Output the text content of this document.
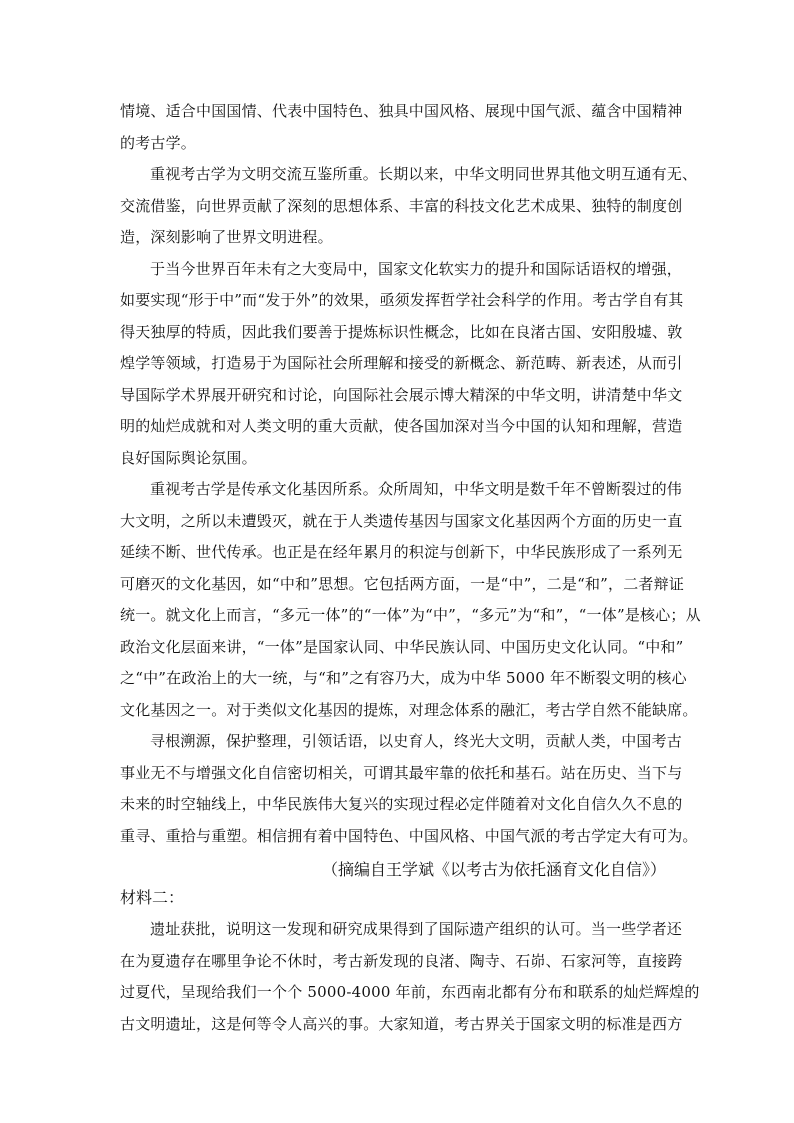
情境、适合中国国情、代表中国特色、独具中国风格、展现中国气派、蕴含中国精神

的考古学。

重视考古学为文明交流互鉴所重。长期以来，中华文明同世界其他文明互通有无、

交流借鉴，向世界贡献了深刻的思想体系、丰富的科技文化艺术成果、独特的制度创

造，深刻影响了世界文明进程。

于当今世界百年未有之大变局中，国家文化软实力的提升和国际话语权的增强，

如要实现“形于中”而“发于外”的效果，亟须发挥哲学社会科学的作用。考古学自有其

得天独厚的特质，因此我们要善于提炼标识性概念，比如在良渚古国、安阳殷墟、敦

煌学等领域，打造易于为国际社会所理解和接受的新概念、新范畴、新表述，从而引

导国际学术界展开研究和讨论，向国际社会展示博大精深的中华文明，讲清楚中华文

明的灿烂成就和对人类文明的重大贡献，使各国加深对当今中国的认知和理解，营造

良好国际舆论氛围。

重视考古学是传承文化基因所系。众所周知，中华文明是数千年不曾断裂过的伟

大文明，之所以未遭毁灭，就在于人类遗传基因与国家文化基因两个方面的历史一直

延续不断、世代传承。也正是在经年累月的积淀与创新下，中华民族形成了一系列无

可磨灭的文化基因，如“中和”思想。它包括两方面，一是“中”，二是“和”，二者辩证

统一。就文化上而言，“多元一体”的“一体”为“中”，“多元”为“和”，“一体”是核心；从

政治文化层面来讲，“一体”是国家认同、中华民族认同、中国历史文化认同。“中和”

之“中”在政治上的大一统，与“和”之有容乃大，成为中华 5000 年不断裂文明的核心

文化基因之一。对于类似文化基因的提炼，对理念体系的融汇，考古学自然不能缺席。

寻根溯源，保护整理，引领话语，以史育人，终光大文明，贡献人类，中国考古

事业无不与增强文化自信密切相关，可谓其最牢靠的依托和基石。站在历史、当下与

未来的时空轴线上，中华民族伟大复兴的实现过程必定伴随着对文化自信久久不息的

重寻、重拾与重塑。相信拥有着中国特色、中国风格、中国气派的考古学定大有可为。

（摘编自王学斌《以考古为依托涵育文化自信》）

材料二：

遗址获批，说明这一发现和研究成果得到了国际遗产组织的认可。当一些学者还

在为夏遗存在哪里争论不休时，考古新发现的良渚、陶寺、石峁、石家河等，直接跨

过夏代，呈现给我们一个个 5000-4000 年前，东西南北都有分布和联系的灿烂辉煌的

古文明遗址，这是何等令人高兴的事。大家知道，考古界关于国家文明的标准是西方
